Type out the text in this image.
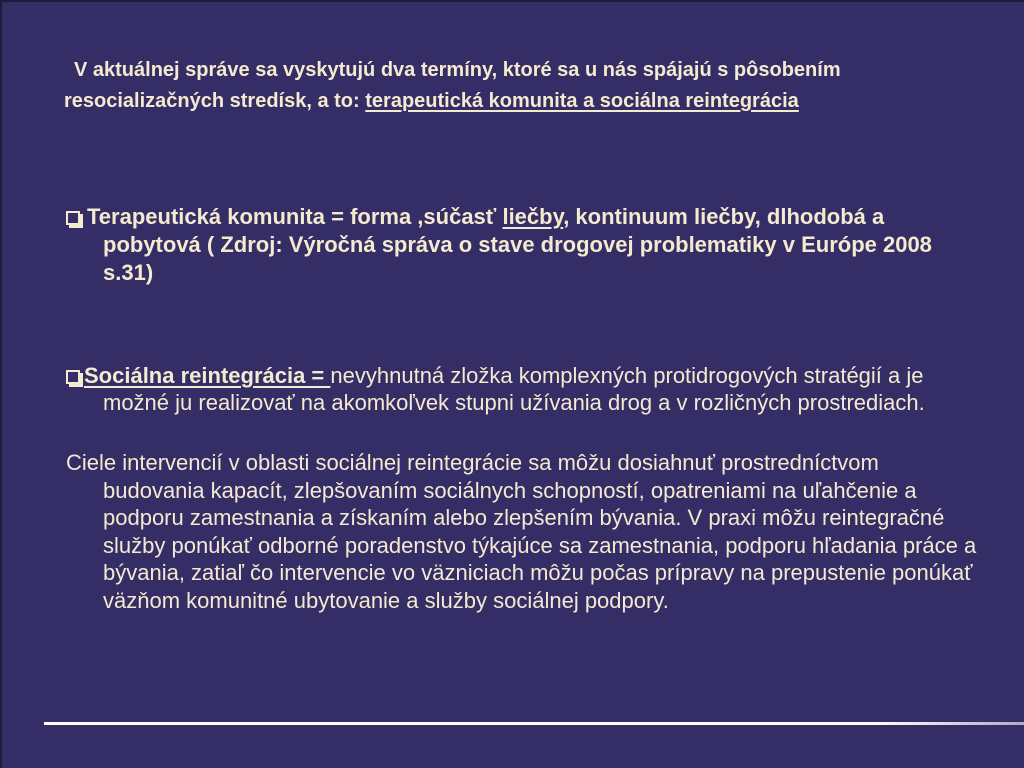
V aktuálnej správe sa vyskytujú dva termíny, ktoré sa u nás spájajú s pôsobením resocializačných stredísk, a to: terapeutická komunita a sociálna reintegrácia
Terapeutická komunita = forma ,súčasť liečby, kontinuum liečby, dlhodobá a pobytová ( Zdroj: Výročná správa o stave drogovej problematiky v Európe 2008 s.31)
Sociálna reintegrácia = nevyhnutná zložka komplexných protidrogových stratégií a je možné ju realizovať na akomkoľvek stupni užívania drog a v rozličných prostrediach.
Ciele intervencií v oblasti sociálnej reintegrácie sa môžu dosiahnuť prostredníctvom budovania kapacít, zlepšovaním sociálnych schopností, opatreniami na uľahčenie a podporu zamestnania a získaním alebo zlepšením bývania. V praxi môžu reintegračné služby ponúkať odborné poradenstvo týkajúce sa zamestnania, podporu hľadania práce a bývania, zatiaľ čo intervencie vo väzniciach môžu počas prípravy na prepustenie ponúkať väzňom komunitné ubytovanie a služby sociálnej podpory.
